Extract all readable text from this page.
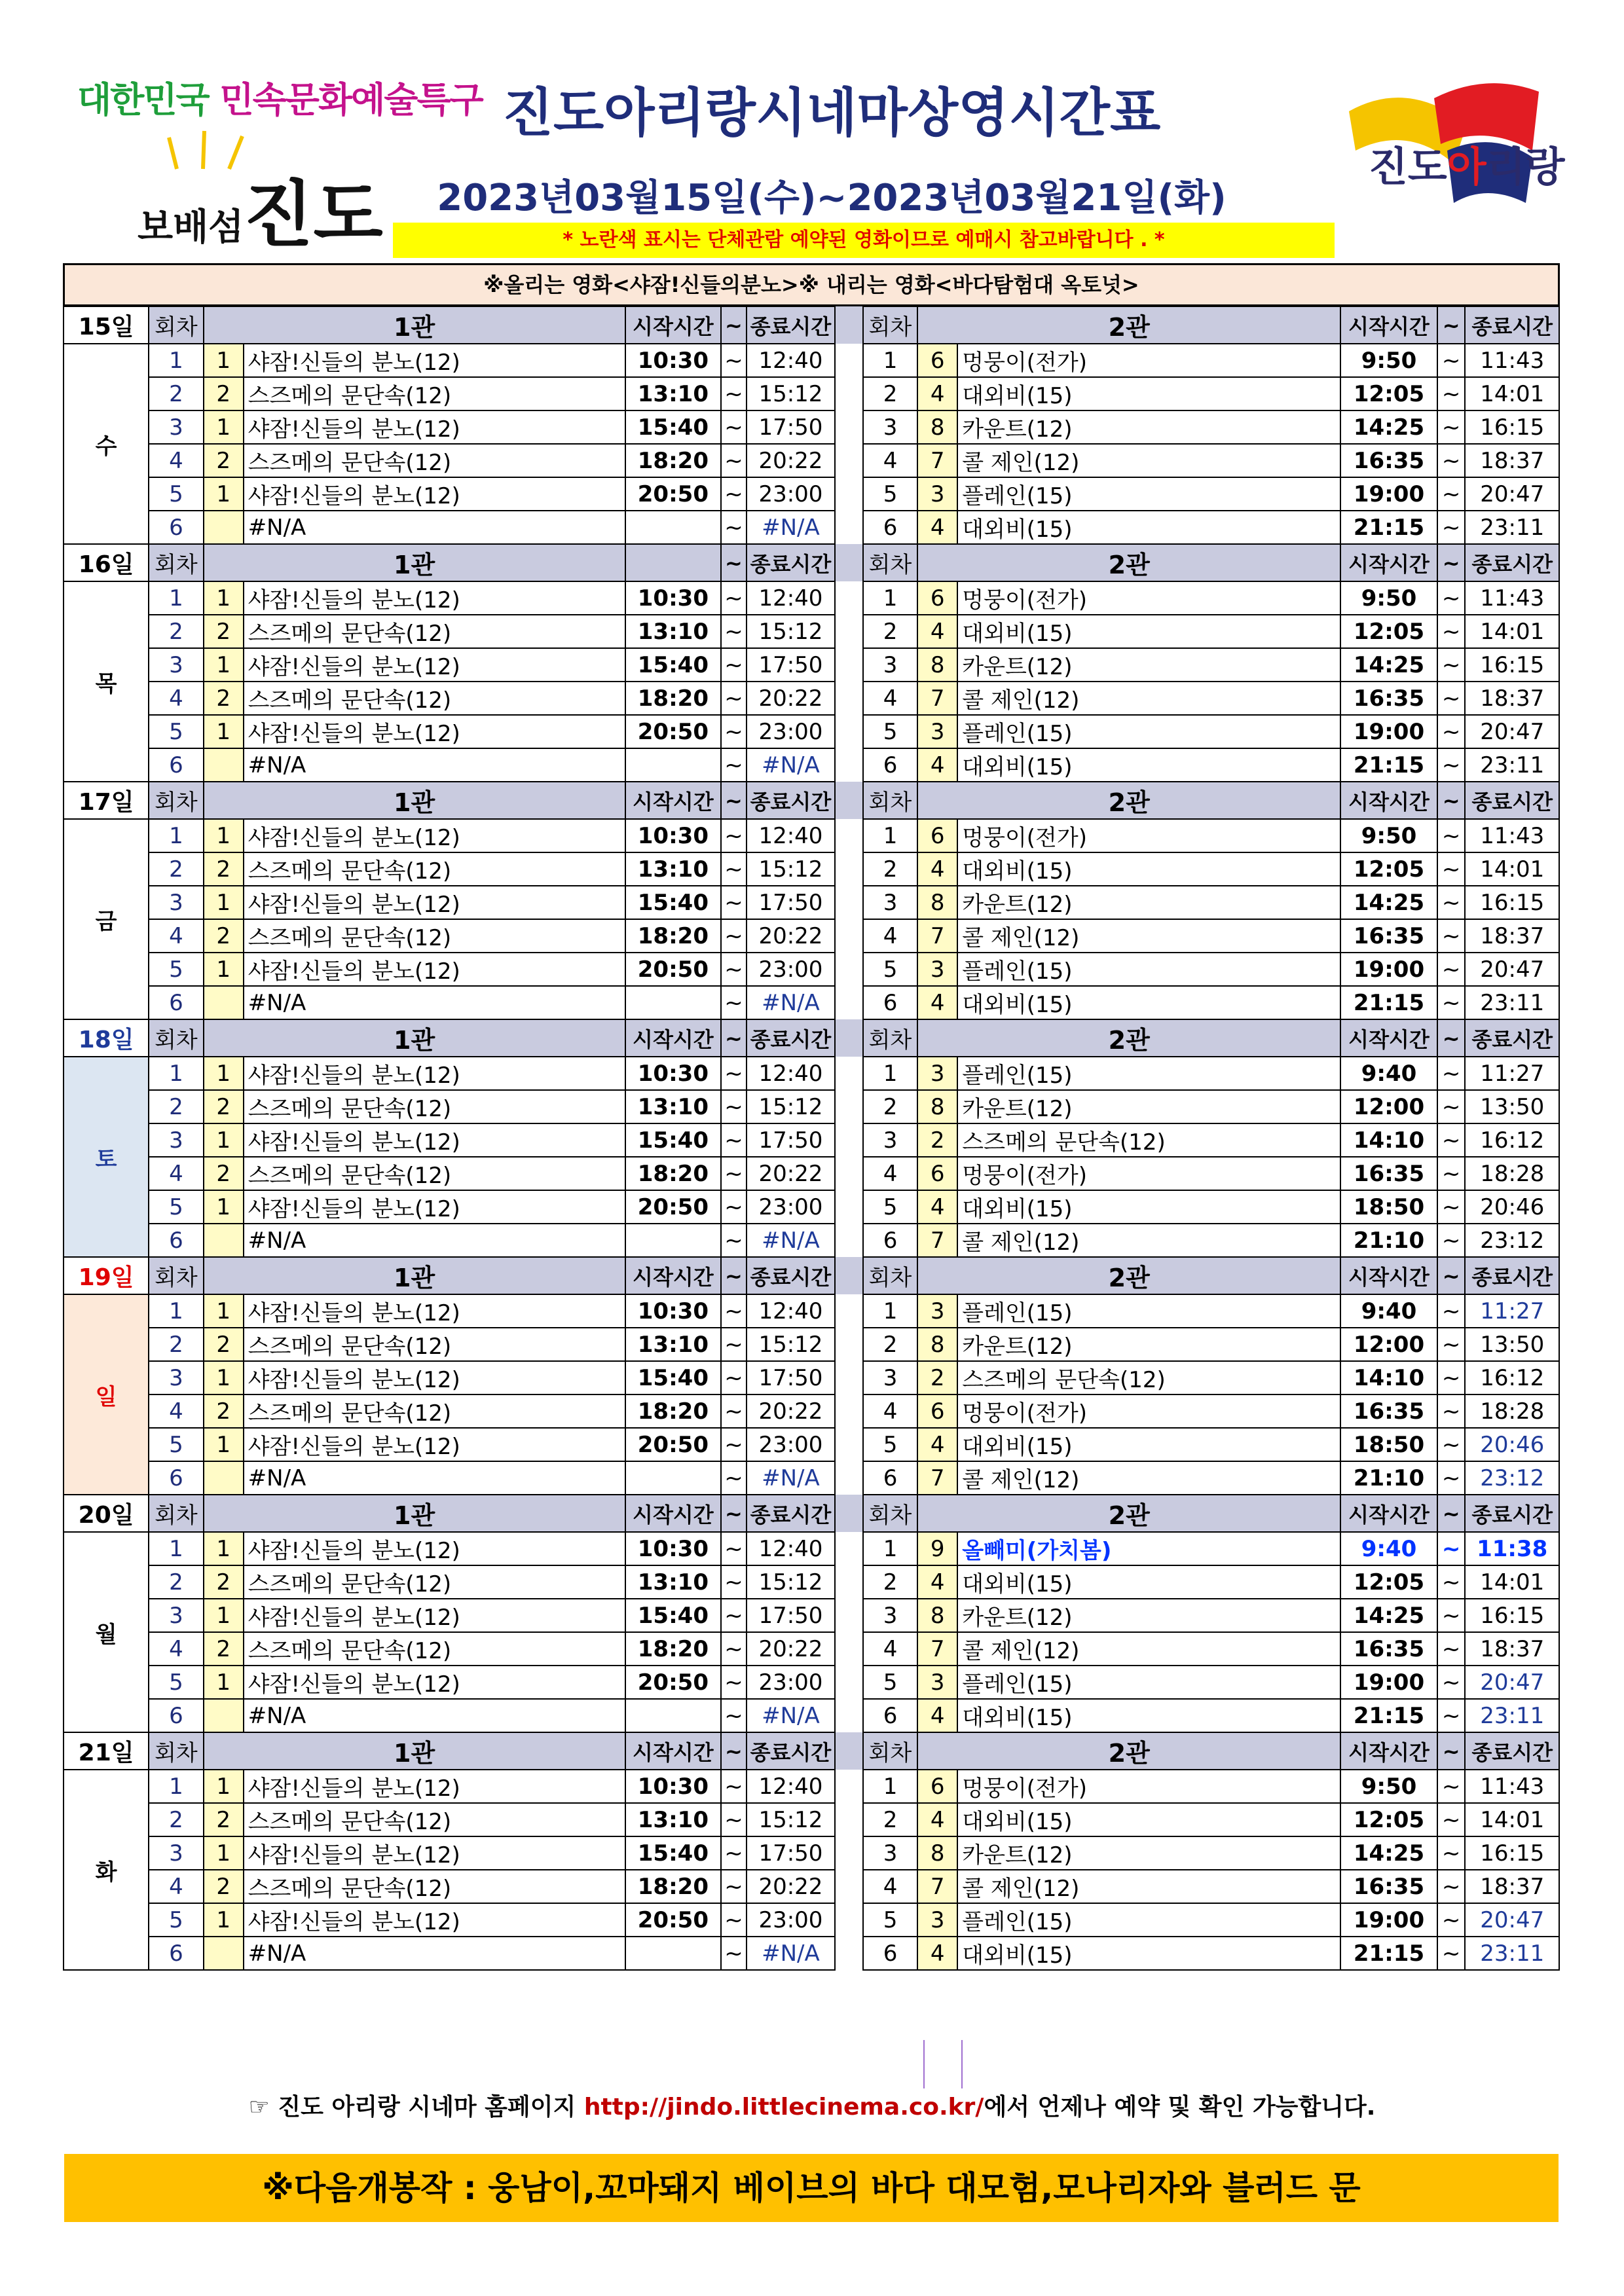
대한민국 민속문화예술특구
보배섬진도
진도아리랑
진도아리랑시네마상영시간표
2023년03월15일(수)~2023년03월21일(화)
* 노란색 표시는 단체관람 예약된 영화이므로 예매시 참고바랍니다 . *
※올리는 영화<샤잠!신들의분노>※ 내리는 영화<바다탐험대 옥토넛>
15일	회차	1관		시작시간	~	종료시간		회차	2관		시작시간	~	종료시간
수	1	1	샤잠!신들의 분노(12)	10:30	~	12:40		1	6	멍뭉이(전가)	9:50	~	11:43
	2	2	스즈메의 문단속(12)	13:10	~	15:12		2	4	대외비(15)	12:05	~	14:01
	3	1	샤잠!신들의 분노(12)	15:40	~	17:50		3	8	카운트(12)	14:25	~	16:15
	4	2	스즈메의 문단속(12)	18:20	~	20:22		4	7	콜 제인(12)	16:35	~	18:37
	5	1	샤잠!신들의 분노(12)	20:50	~	23:00		5	3	플레인(15)	19:00	~	20:47
	6		#N/A		~	#N/A		6	4	대외비(15)	21:15	~	23:11
16일	회차	1관			~	종료시간		회차	2관		시작시간	~	종료시간
목	1	1	샤잠!신들의 분노(12)	10:30	~	12:40		1	6	멍뭉이(전가)	9:50	~	11:43
	2	2	스즈메의 문단속(12)	13:10	~	15:12		2	4	대외비(15)	12:05	~	14:01
	3	1	샤잠!신들의 분노(12)	15:40	~	17:50		3	8	카운트(12)	14:25	~	16:15
	4	2	스즈메의 문단속(12)	18:20	~	20:22		4	7	콜 제인(12)	16:35	~	18:37
	5	1	샤잠!신들의 분노(12)	20:50	~	23:00		5	3	플레인(15)	19:00	~	20:47
	6		#N/A		~	#N/A		6	4	대외비(15)	21:15	~	23:11
17일	회차	1관		시작시간	~	종료시간		회차	2관		시작시간	~	종료시간
금	1	1	샤잠!신들의 분노(12)	10:30	~	12:40		1	6	멍뭉이(전가)	9:50	~	11:43
	2	2	스즈메의 문단속(12)	13:10	~	15:12		2	4	대외비(15)	12:05	~	14:01
	3	1	샤잠!신들의 분노(12)	15:40	~	17:50		3	8	카운트(12)	14:25	~	16:15
	4	2	스즈메의 문단속(12)	18:20	~	20:22		4	7	콜 제인(12)	16:35	~	18:37
	5	1	샤잠!신들의 분노(12)	20:50	~	23:00		5	3	플레인(15)	19:00	~	20:47
	6		#N/A		~	#N/A		6	4	대외비(15)	21:15	~	23:11
18일	회차	1관		시작시간	~	종료시간		회차	2관		시작시간	~	종료시간
토	1	1	샤잠!신들의 분노(12)	10:30	~	12:40		1	3	플레인(15)	9:40	~	11:27
	2	2	스즈메의 문단속(12)	13:10	~	15:12		2	8	카운트(12)	12:00	~	13:50
	3	1	샤잠!신들의 분노(12)	15:40	~	17:50		3	2	스즈메의 문단속(12)	14:10	~	16:12
	4	2	스즈메의 문단속(12)	18:20	~	20:22		4	6	멍뭉이(전가)	16:35	~	18:28
	5	1	샤잠!신들의 분노(12)	20:50	~	23:00		5	4	대외비(15)	18:50	~	20:46
	6		#N/A		~	#N/A		6	7	콜 제인(12)	21:10	~	23:12
19일	회차	1관		시작시간	~	종료시간		회차	2관		시작시간	~	종료시간
일	1	1	샤잠!신들의 분노(12)	10:30	~	12:40		1	3	플레인(15)	9:40	~	11:27
	2	2	스즈메의 문단속(12)	13:10	~	15:12		2	8	카운트(12)	12:00	~	13:50
	3	1	샤잠!신들의 분노(12)	15:40	~	17:50		3	2	스즈메의 문단속(12)	14:10	~	16:12
	4	2	스즈메의 문단속(12)	18:20	~	20:22		4	6	멍뭉이(전가)	16:35	~	18:28
	5	1	샤잠!신들의 분노(12)	20:50	~	23:00		5	4	대외비(15)	18:50	~	20:46
	6		#N/A		~	#N/A		6	7	콜 제인(12)	21:10	~	23:12
20일	회차	1관		시작시간	~	종료시간		회차	2관		시작시간	~	종료시간
월	1	1	샤잠!신들의 분노(12)	10:30	~	12:40		1	9	올빼미(가치봄)	9:40	~	11:38
	2	2	스즈메의 문단속(12)	13:10	~	15:12		2	4	대외비(15)	12:05	~	14:01
	3	1	샤잠!신들의 분노(12)	15:40	~	17:50		3	8	카운트(12)	14:25	~	16:15
	4	2	스즈메의 문단속(12)	18:20	~	20:22		4	7	콜 제인(12)	16:35	~	18:37
	5	1	샤잠!신들의 분노(12)	20:50	~	23:00		5	3	플레인(15)	19:00	~	20:47
	6		#N/A		~	#N/A		6	4	대외비(15)	21:15	~	23:11
21일	회차	1관		시작시간	~	종료시간		회차	2관		시작시간	~	종료시간
화	1	1	샤잠!신들의 분노(12)	10:30	~	12:40		1	6	멍뭉이(전가)	9:50	~	11:43
	2	2	스즈메의 문단속(12)	13:10	~	15:12		2	4	대외비(15)	12:05	~	14:01
	3	1	샤잠!신들의 분노(12)	15:40	~	17:50		3	8	카운트(12)	14:25	~	16:15
	4	2	스즈메의 문단속(12)	18:20	~	20:22		4	7	콜 제인(12)	16:35	~	18:37
	5	1	샤잠!신들의 분노(12)	20:50	~	23:00		5	3	플레인(15)	19:00	~	20:47
	6		#N/A		~	#N/A		6	4	대외비(15)	21:15	~	23:11
☞ 진도 아리랑 시네마 홈페이지 http://jindo.littlecinema.co.kr/에서 언제나 예약 및 확인 가능합니다.
※다음개봉작 : 웅남이,꼬마돼지 베이브의 바다 대모험,모나리자와 블러드 문
